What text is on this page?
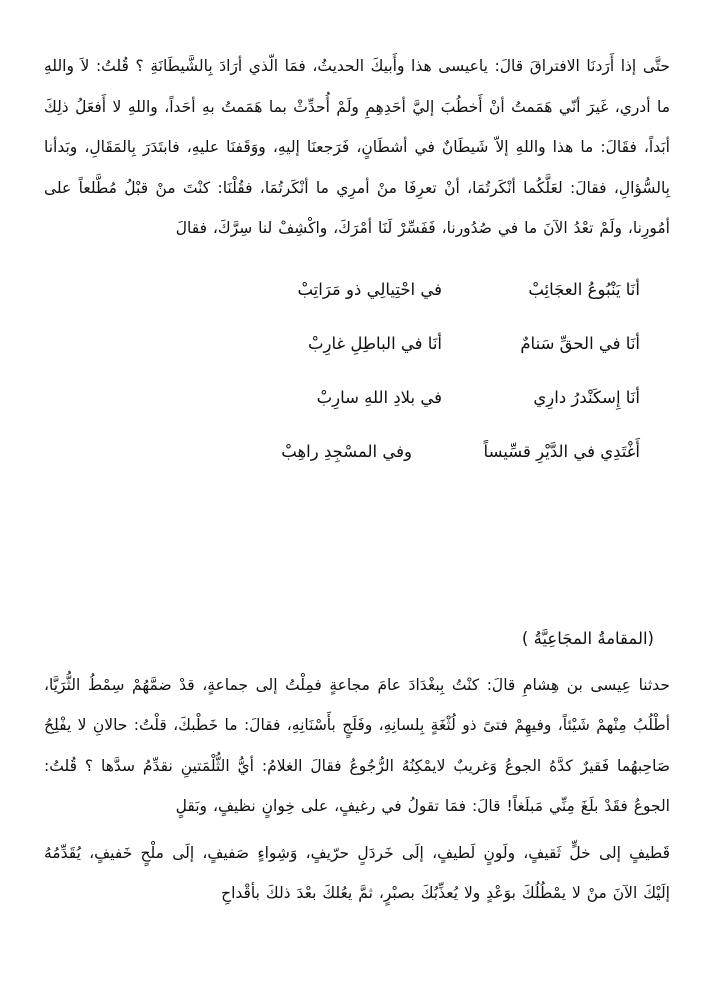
حتَّى إذا أَرَدنَا الافتراقَ قالَ: ياعيسى هذا وأَبيكَ الحديثُ، فمَا الّذي أرَادَ بِالشَّيطَانَةِ ؟ قُلتُ: لاَ واللهِ ما أدري، غَيرَ أنّي هَمَمتُ أنْ أَخطُبَ إليَّ أحَدِهِمِ ولَمْ أُحدِّثْ بما هَمَمتُ بهِ أحَداً، واللهِ لا أَفعَلُ ذلِكَ أبَداً، فقَالَ: ما هذا واللهِ إلاّ شَيطَانٌ في أشطَانٍ، فَرَجعنَا إليهِ، ووَقَفنَا عليهِ، فابتَدَرَ بِالمَقَالِ، وبَدأنا بِالسُّؤالِ، فقالَ: لعَلَّكُما أنْكَرتُمَا، أنْ تعرِفَا منْ أمرِي ما أنْكَرتُمَا، فقُلْنَا: كنْتَ منْ قبْلُ مُطَّلعاً على أمُورِنا، ولَمْ تعْدُ الآنَ ما في صُدُورنا، فَفَسِّرْ لَنَا أمْرَكَ، واكْشِفْ لنا سِرَّكَ، فقالَ

أنَا يَنْبُوعُ العجَائِبْ
في احْتِيالِي ذو مَرَاتِبْ
أنَا في الحقِّ سَنامٌ
أنَا في الباطِلِ غارِبْ
أنَا إِسكَنْدرُ دارِي
في بلادِ اللهِ سارِبْ
أَغْتَدِي في الدَّيْرِ قسِّيساً
وفي المسْجِدِ راهِبْ
(المقامةُ المجَاعِيَّةُ )

حدثنا عِيسى بن هِشامِ قالَ: كنْتُ بِبغْدَادَ عامَ مجاعةٍ فمِلْتُ إلى جماعةٍ، قدْ ضمَّهُمْ سِمْطُ الثُّرَيَّا، أطْلُبُ مِنْهمْ شَيْئاً، وفيهِمْ فتىً ذو لُثْغَةٍ بِلسانِهِ، وفَلَجٍ بأَسْنَانِهِ، فقالَ: ما خَطْبكَ، قلْتُ: حالانِ لا يفْلِحُ صَاحِبهُما فَقيرٌ كدَّهُ الجوعُ وَغريبٌ لايمْكِنُهُ الرُّجُوعُ فقالَ الغلامُ: أيُّ الثُّلْمَتينِ نقدِّمُ سدَّها ؟ قُلتُ: الجوعُ فقَدْ بلَغَ مِنِّي مَبلَغاً! قالَ: فمَا تقولُ في رغيفٍ، على خِوانٍ نظيفٍ، وبَقلٍ

قَطيفٍ إلى خلٍّ ثَقيفٍ، ولَونٍ لَطيفٍ، إلَى خَردَلٍ حرّيفٍ، وَشِواءٍ صَفيفٍ، إلَى ملْحٍ خَفيفٍ، يُقَدِّمُهُ إلَيْكَ الآنَ منْ لا يمْطُلُكَ بوَعْدٍ ولا يُعذِّبُكَ بصبْرٍ، ثمَّ يعُلكَ بعْدَ ذلكَ بأقْداحِ
